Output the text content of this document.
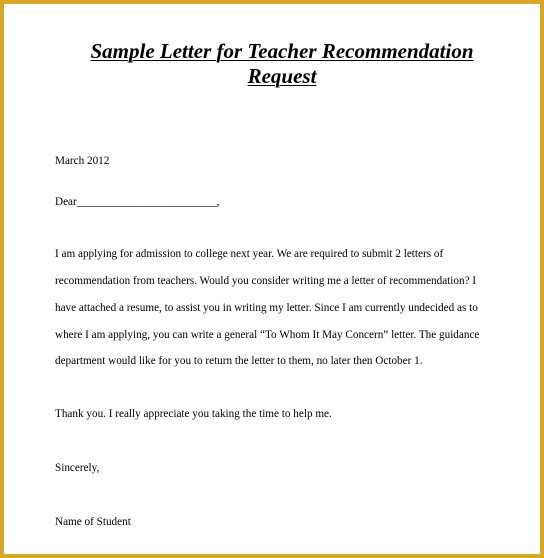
Sample Letter for Teacher Recommendation
Request
March 2012
Dear_________________________,
I am applying for admission to college next year. We are required to submit 2 letters of
recommendation from teachers. Would you consider writing me a letter of recommendation? I
have attached a resume, to assist you in writing my letter. Since I am currently undecided as to
where I am applying, you can write a general “To Whom It May Concern” letter. The guidance
department would like for you to return the letter to them, no later then October 1.
Thank you. I really appreciate you taking the time to help me.
Sincerely,
Name of Student
